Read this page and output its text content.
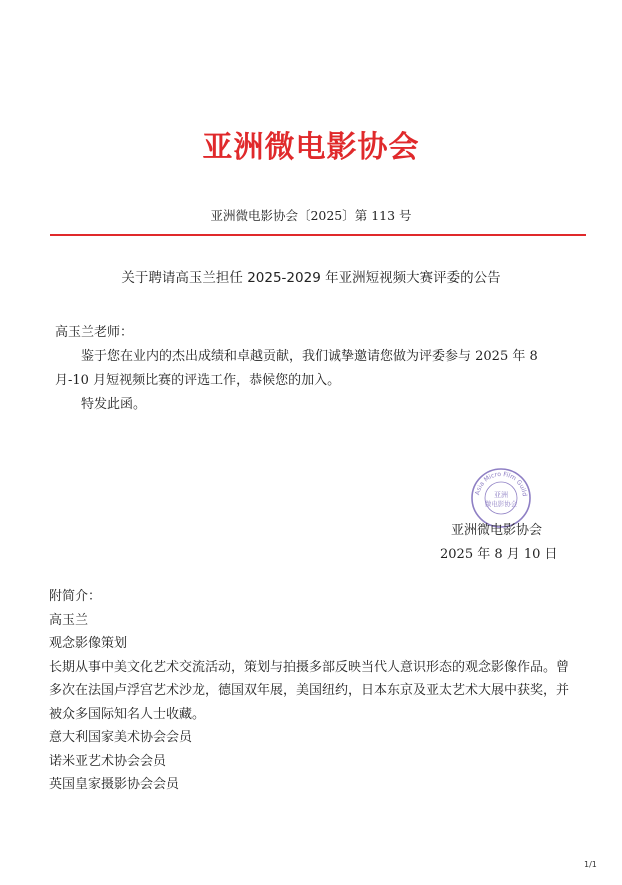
亚洲微电影协会
亚洲微电影协会〔2025〕第 113 号
关于聘请高玉兰担任 2025-2029 年亚洲短视频大赛评委的公告
高玉兰老师：

鉴于您在业内的杰出成绩和卓越贡献，我们诚挚邀请您做为评委参与 2025 年 8 月-10 月短视频比赛的评选工作，恭候您的加入。

特发此函。
Asia Micro Film Guild
亚洲
微电影协会
亚洲微电影协会
2025 年 8 月 10 日

附简介：

高玉兰

观念影像策划

长期从事中美文化艺术交流活动，策划与拍摄多部反映当代人意识形态的观念影像作品。曾多次在法国卢浮宫艺术沙龙，德国双年展，美国纽约，日本东京及亚太艺术大展中获奖，并被众多国际知名人士收藏。

意大利国家美术协会会员

诺米亚艺术协会会员

英国皇家摄影协会会员

1/1
